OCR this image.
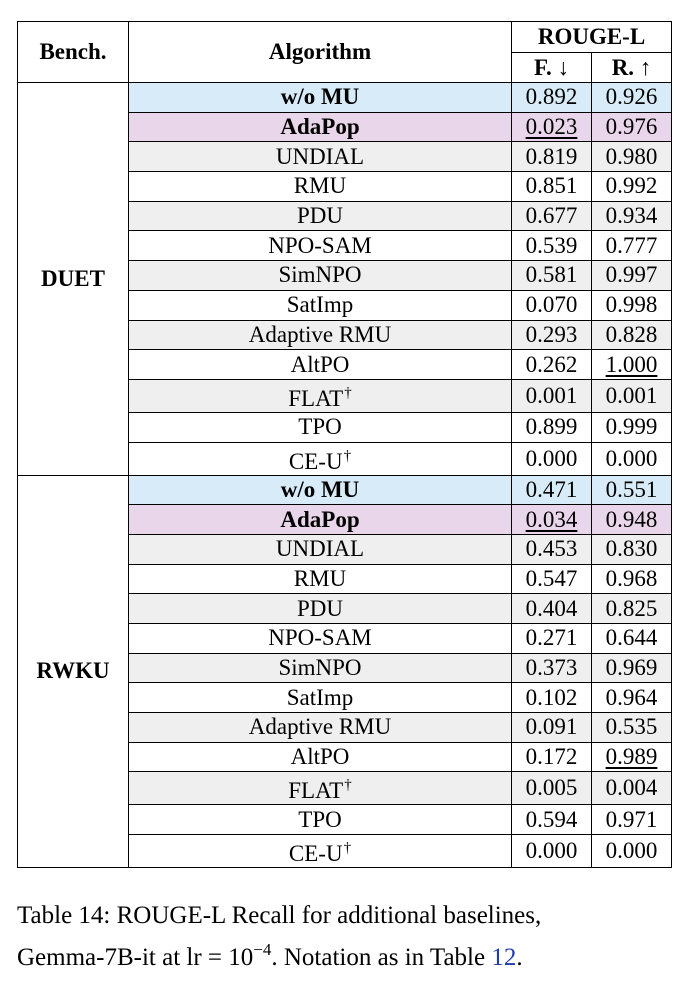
Bench.	Algorithm	ROUGE-L	
		F. ↓	R. ↑
DUET	w/o MU	0.892	0.926
	AdaPop	0.023	0.976
	UNDIAL	0.819	0.980
	RMU	0.851	0.992
	PDU	0.677	0.934
	NPO-SAM	0.539	0.777
	SimNPO	0.581	0.997
	SatImp	0.070	0.998
	Adaptive RMU	0.293	0.828
	AltPO	0.262	1.000
	FLAT†	0.001	0.001
	TPO	0.899	0.999
	CE-U†	0.000	0.000
RWKU	w/o MU	0.471	0.551
	AdaPop	0.034	0.948
	UNDIAL	0.453	0.830
	RMU	0.547	0.968
	PDU	0.404	0.825
	NPO-SAM	0.271	0.644
	SimNPO	0.373	0.969
	SatImp	0.102	0.964
	Adaptive RMU	0.091	0.535
	AltPO	0.172	0.989
	FLAT†	0.005	0.004
	TPO	0.594	0.971
	CE-U†	0.000	0.000
Table 14: ROUGE-L Recall for additional baselines,
Gemma-7B-it at lr = $10^{-4}$. Notation as in Table 12.
